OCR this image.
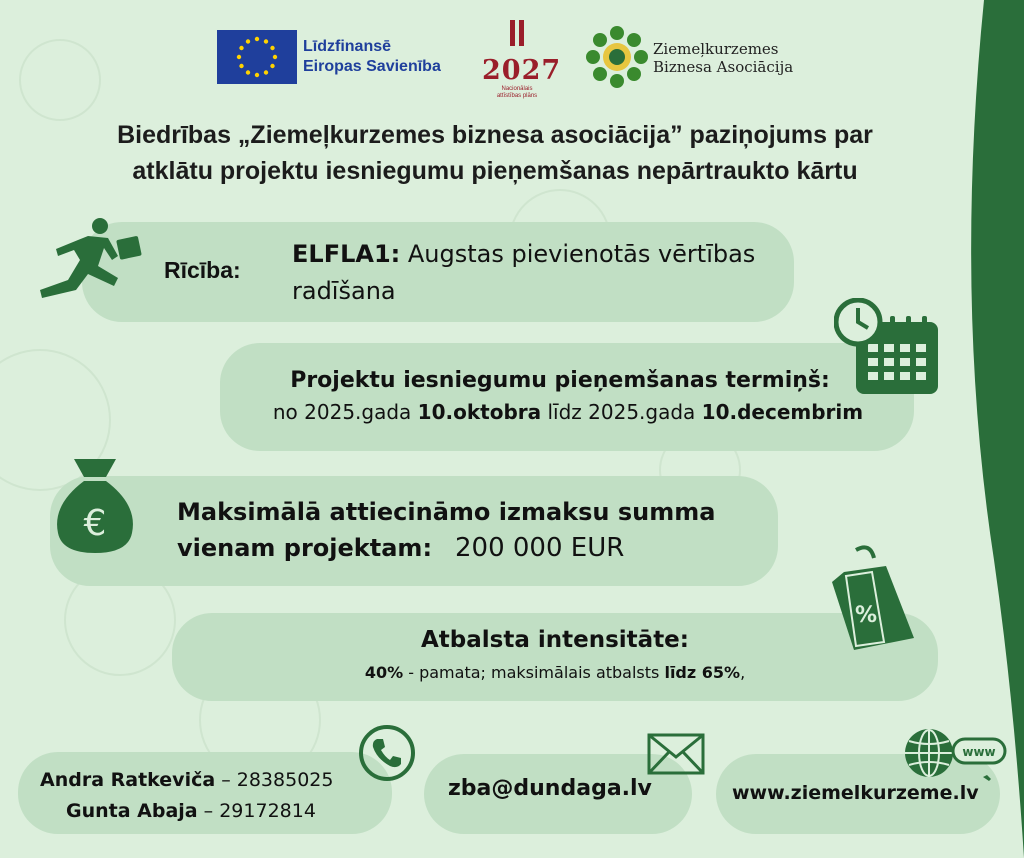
Līdzfinansē
Eiropas Savienība 2027
Nacionālais
attīstības plāns
Ziemeļkurzemes
Biznesa Asociācija
Biedrības „Ziemeļkurzemes biznesa asociācija” paziņojums par
atklātu projektu iesniegumu pieņemšanas nepārtraukto kārtu
Rīcība:
ELFLA1: Augstas pievienotās vērtības radīšana
Projektu iesniegumu pieņemšanas termiņš:
no 2025.gada 10.oktobra līdz 2025.gada 10.decembrim
€	Maksimālā attiecināmo izmaksu summa
vienam projektam: 200 000 EUR
%
Atbalsta intensitāte:
40% - pamata; maksimālais atbalsts līdz 65%,
Andra Ratkeviča – 28385025
Gunta Abaja – 29172814
zba@dundaga.lv
www
www.ziemelkurzeme.lv
